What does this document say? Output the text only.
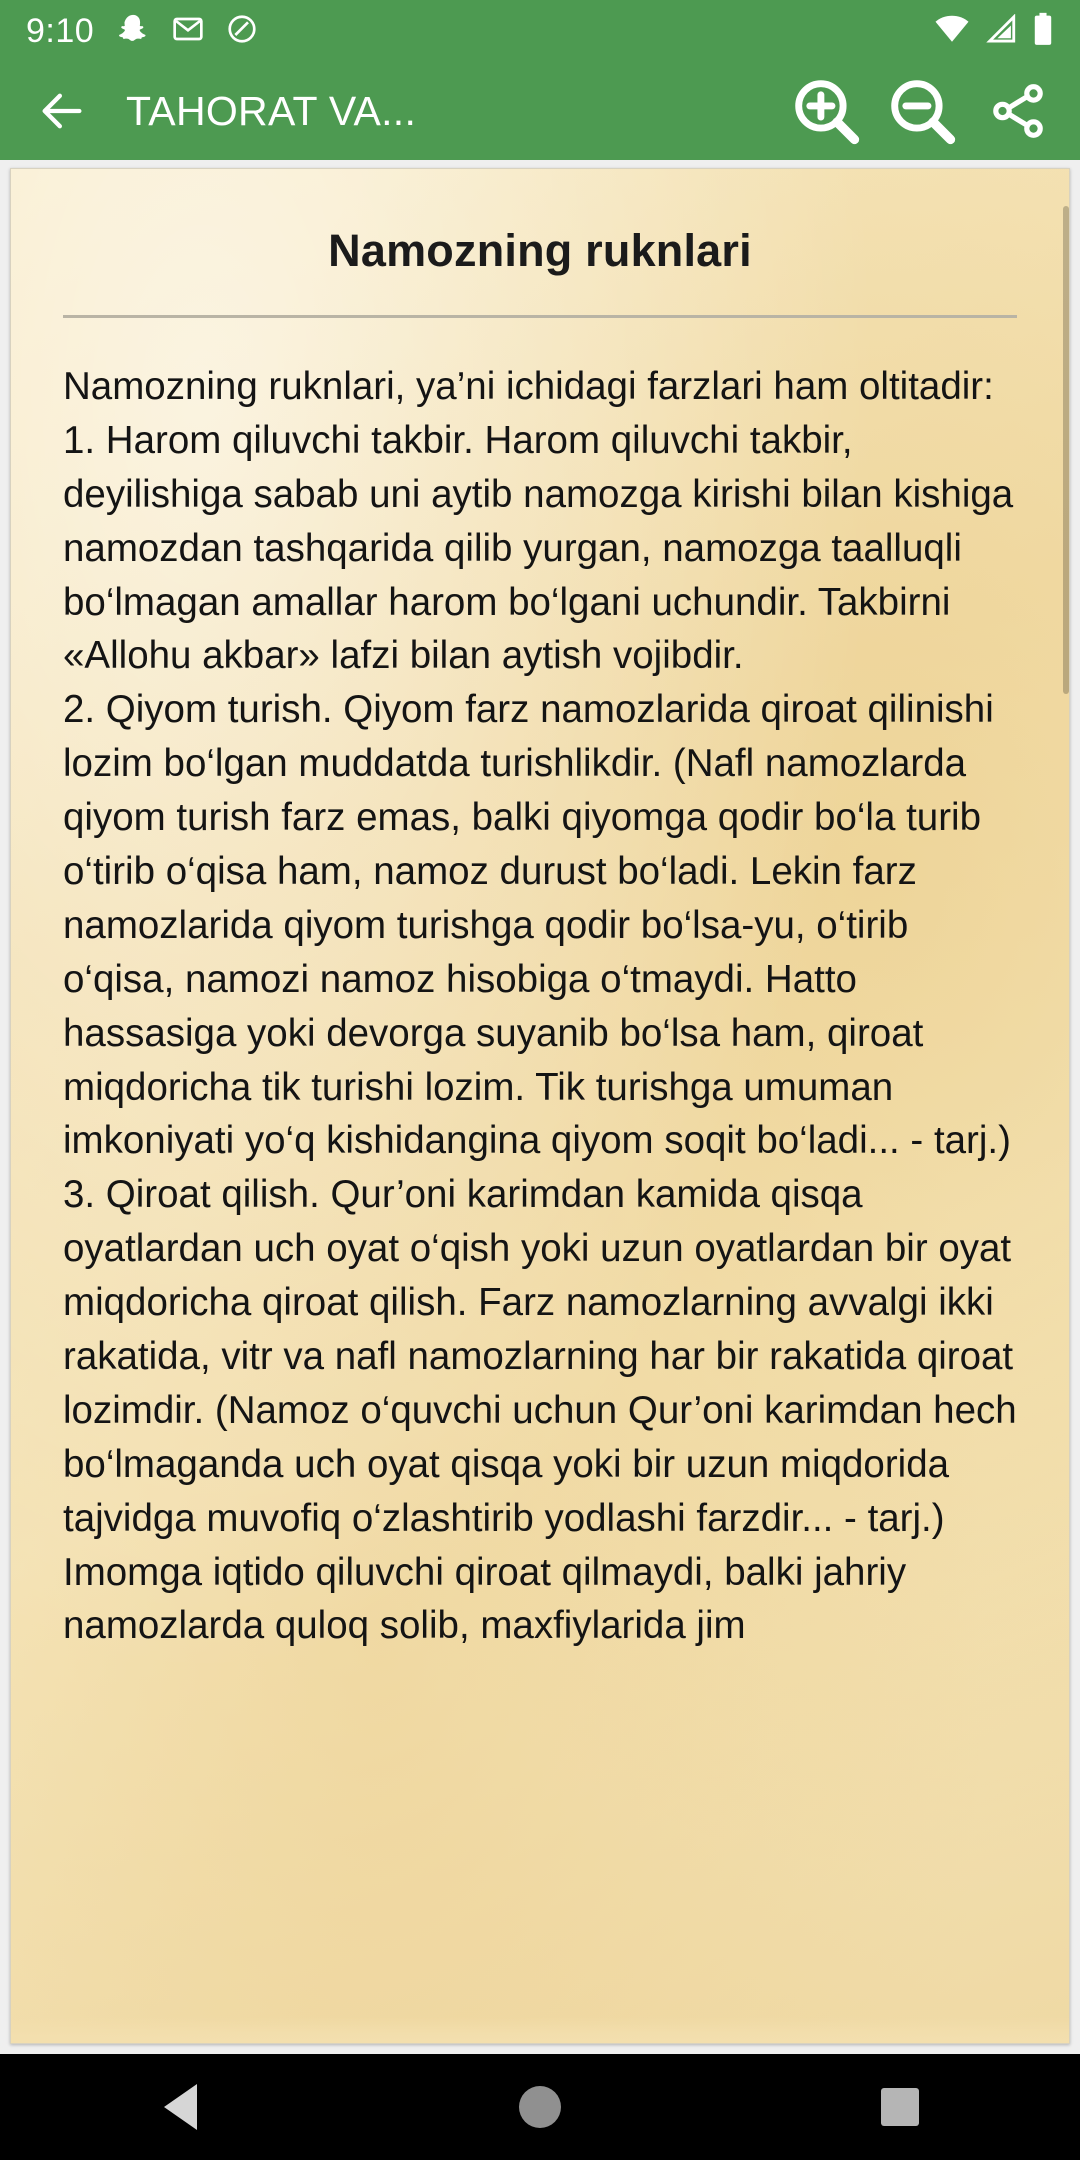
9:10
TAHORAT VA...
Namozning ruknlari

Namozning ruknlari, ya’ni ichidagi farzlari ham oltitadir:

1. Harom qiluvchi takbir. Harom qiluvchi takbir, deyilishiga sabab uni aytib namozga kirishi bilan kishiga namozdan tashqarida qilib yurgan, namozga taalluqli bo‘lmagan amallar harom bo‘lgani uchundir. Takbirni «Allohu akbar» lafzi bilan aytish vojibdir.

2. Qiyom turish. Qiyom farz namozlarida qiroat qilinishi lozim bo‘lgan muddatda turishlikdir. (Nafl namozlarda qiyom turish farz emas, balki qiyomga qodir bo‘la turib o‘tirib o‘qisa ham, namoz durust bo‘ladi. Lekin farz namozlarida qiyom turishga qodir bo‘lsa-yu, o‘tirib o‘qisa, namozi namoz hisobiga o‘tmaydi. Hatto hassasiga yoki devorga suyanib bo‘lsa ham, qiroat miqdoricha tik turishi lozim. Tik turishga umuman imkoniyati yo‘q kishidangina qiyom soqit bo‘ladi... - tarj.)

3. Qiroat qilish. Qur’oni karimdan kamida qisqa oyatlardan uch oyat o‘qish yoki uzun oyatlardan bir oyat miqdoricha qiroat qilish. Farz namozlarning avvalgi ikki rakatida, vitr va nafl namozlarning har bir rakatida qiroat lozimdir. (Namoz o‘quvchi uchun Qur’oni karimdan hech bo‘lmaganda uch oyat qisqa yoki bir uzun miqdorida tajvidga muvofiq o‘zlashtirib yodlashi farzdir... - tarj.)

Imomga iqtido qiluvchi qiroat qilmaydi, balki jahriy namozlarda quloq solib, maxfiylarida jim
